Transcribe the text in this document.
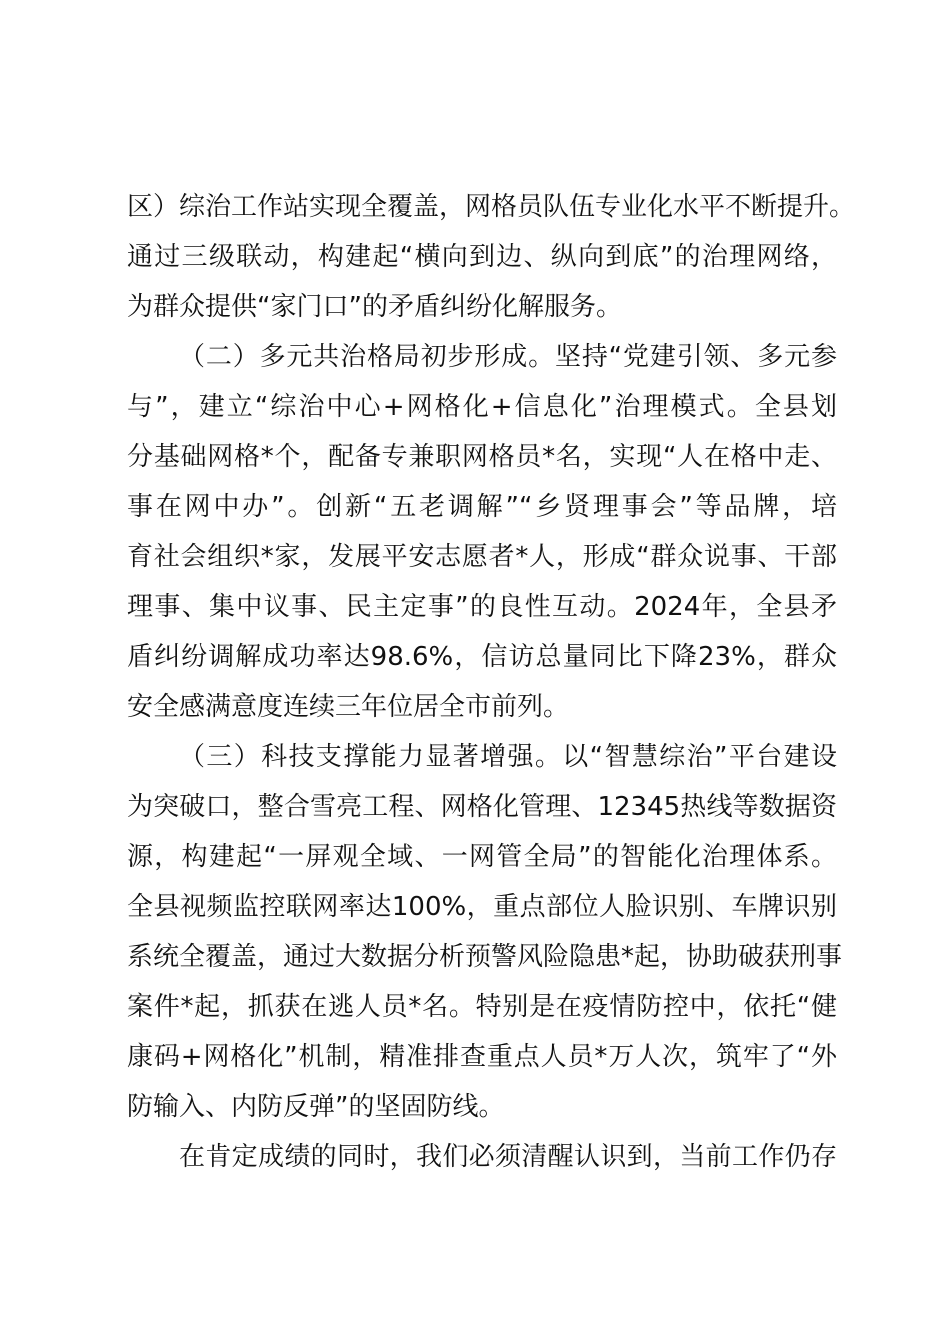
区）综治工作站实现全覆盖，网格员队伍专业化水平不断提升。
通过三级联动，构建起“横向到边、纵向到底”的治理网络，
为群众提供“家门口”的矛盾纠纷化解服务。
（二）多元共治格局初步形成。坚持“党建引领、多元参
与”，建立“综治中心+网格化+信息化”治理模式。全县划
分基础网格*个，配备专兼职网格员*名，实现“人在格中走、
事在网中办”。创新“五老调解”“乡贤理事会”等品牌，培
育社会组织*家，发展平安志愿者*人，形成“群众说事、干部
理事、集中议事、民主定事”的良性互动。2024年，全县矛
盾纠纷调解成功率达98.6%，信访总量同比下降23%，群众
安全感满意度连续三年位居全市前列。
（三）科技支撑能力显著增强。以“智慧综治”平台建设
为突破口，整合雪亮工程、网格化管理、12345热线等数据资
源，构建起“一屏观全域、一网管全局”的智能化治理体系。
全县视频监控联网率达100%，重点部位人脸识别、车牌识别
系统全覆盖，通过大数据分析预警风险隐患*起，协助破获刑事
案件*起，抓获在逃人员*名。特别是在疫情防控中，依托“健
康码+网格化”机制，精准排查重点人员*万人次，筑牢了“外
防输入、内防反弹”的坚固防线。
在肯定成绩的同时，我们必须清醒认识到，当前工作仍存
